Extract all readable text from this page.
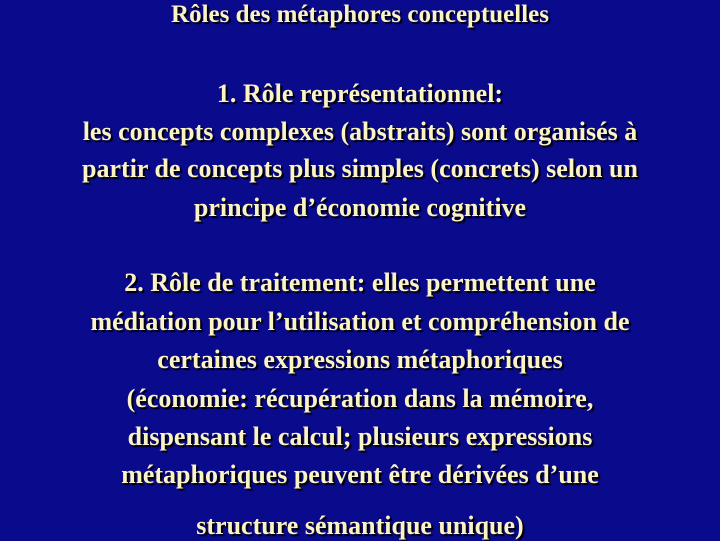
Rôles des métaphores conceptuelles
1. Rôle représentationnel:
les concepts complexes (abstraits) sont organisés à
partir de concepts plus simples (concrets) selon un
principe d’économie cognitive
2. Rôle de traitement: elles permettent une
médiation pour l’utilisation et compréhension de
certaines expressions métaphoriques
(économie: récupération dans la mémoire,
dispensant le calcul; plusieurs expressions
métaphoriques peuvent être dérivées d’une
structure sémantique unique)
